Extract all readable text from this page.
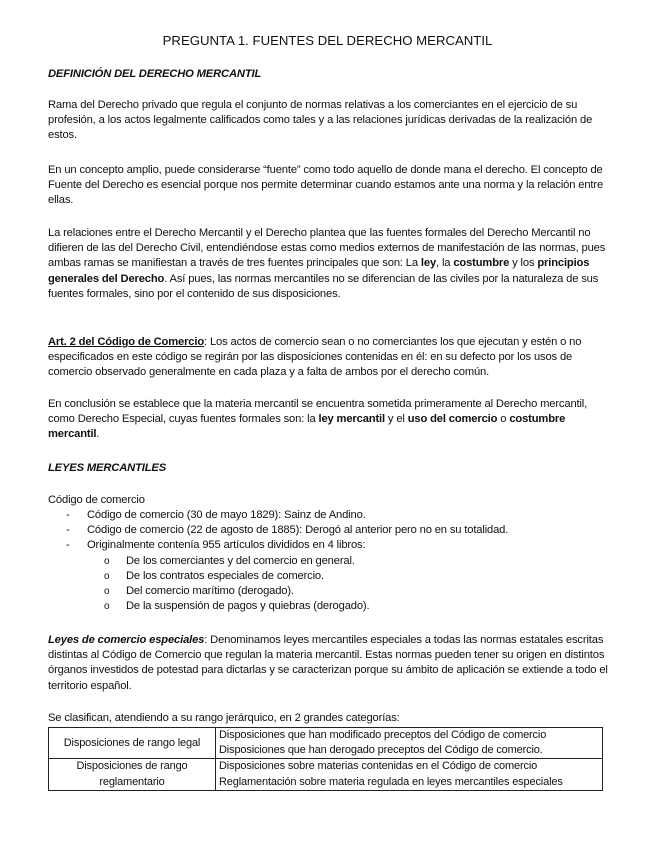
PREGUNTA 1. FUENTES DEL DERECHO MERCANTIL

DEFINICIÓN DEL DERECHO MERCANTIL

Rama del Derecho privado que regula el conjunto de normas relativas a los comerciantes en el ejercicio de su profesión, a los actos legalmente calificados como tales y a las relaciones jurídicas derivadas de la realización de estos.

En un concepto amplio, puede considerarse “fuente” como todo aquello de donde mana el derecho. El concepto de Fuente del Derecho es esencial porque nos permite determinar cuando estamos ante una norma y la relación entre ellas.

La relaciones entre el Derecho Mercantil y el Derecho plantea que las fuentes formales del Derecho Mercantil no difieren de las del Derecho Civil, entendiéndose estas como medios externos de manifestación de las normas, pues ambas ramas se manifiestan a través de tres fuentes principales que son: La ley, la costumbre y los principios generales del Derecho. Así pues, las normas mercantiles no se diferencian de las civiles por la naturaleza de sus fuentes formales, sino por el contenido de sus disposiciones.

Art. 2 del Código de Comercio: Los actos de comercio sean o no comerciantes los que ejecutan y estén o no especificados en este código se regirán por las disposiciones contenidas en él: en su defecto por los usos de comercio observado generalmente en cada plaza y a falta de ambos por el derecho común.

En conclusión se establece que la materia mercantil se encuentra sometida primeramente al Derecho mercantil, como Derecho Especial, cuyas fuentes formales son: la ley mercantil y el uso del comercio o costumbre mercantil.

LEYES MERCANTILES

Código de comercio

- Código de comercio (30 de mayo 1829): Sainz de Andino.
- Código de comercio (22 de agosto de 1885): Derogó al anterior pero no en su totalidad.
- Originalmente contenía 955 artículos divididos en 4 libros:
o De los comerciantes y del comercio en general.
o De los contratos especiales de comercio.
o Del comercio marítimo (derogado).
o De la suspensión de pagos y quiebras (derogado).

Leyes de comercio especiales: Denominamos leyes mercantiles especiales a todas las normas estatales escritas distintas al Código de Comercio que regulan la materia mercantil. Estas normas pueden tener su origen en distintos órganos investidos de potestad para dictarlas y se caracterizan porque su ámbito de aplicación se extiende a todo el territorio español.

Se clasifican, atendiendo a su rango jerárquico, en 2 grandes categorías:

Disposiciones de rango legal	Disposiciones que han modificado preceptos del Código de comercio
Disposiciones que han derogado preceptos del Código de comercio.

Disposiciones de rango reglamentario	Disposiciones sobre materias contenidas en el Código de comercio
Reglamentación sobre materia regulada en leyes mercantiles especiales
